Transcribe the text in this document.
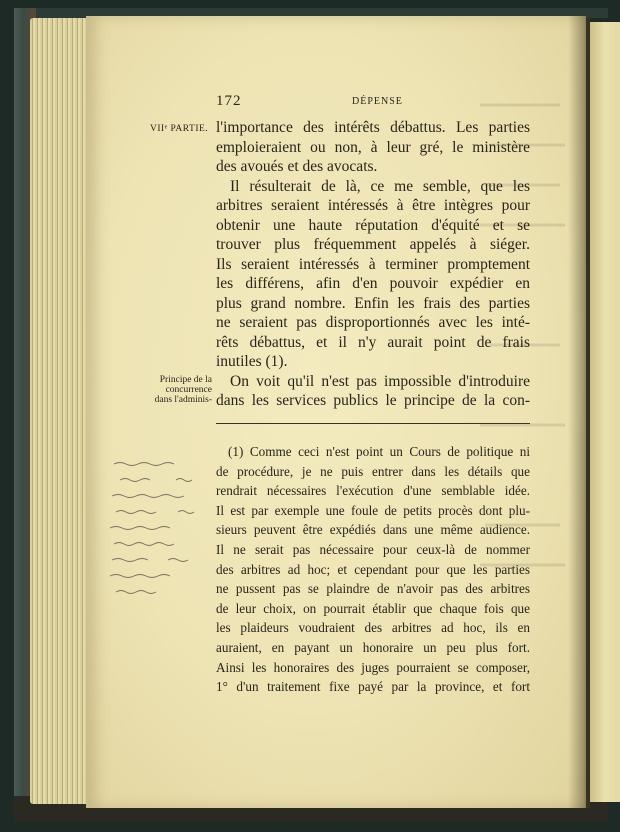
172	DÉPENSE
VIIᵉ PARTIE.
Principe de la
concurrence
dans l'adminis-
l'importance des intérêts débattus. Les parties
emploieraient ou non, à leur gré, le ministère
des avoués et des avocats.
Il résulterait de là, ce me semble, que les
arbitres seraient intéressés à être intègres pour
obtenir une haute réputation d'équité et se
trouver plus fréquemment appelés à siéger.
Ils seraient intéressés à terminer promptement
les différens, afin d'en pouvoir expédier en
plus grand nombre. Enfin les frais des parties
ne seraient pas disproportionnés avec les inté-
rêts débattus, et il n'y aurait point de frais
inutiles (1).
On voit qu'il n'est pas impossible d'introduire
dans les services publics le principe de la con-
(1) Comme ceci n'est point un Cours de politique ni
de procédure, je ne puis entrer dans les détails que
rendrait nécessaires l'exécution d'une semblable idée.
Il est par exemple une foule de petits procès dont plu-
sieurs peuvent être expédiés dans une même audience.
Il ne serait pas nécessaire pour ceux-là de nommer
des arbitres ad hoc; et cependant pour que les parties
ne pussent pas se plaindre de n'avoir pas des arbitres
de leur choix, on pourrait établir que chaque fois que
les plaideurs voudraient des arbitres ad hoc, ils en
auraient, en payant un honoraire un peu plus fort.
Ainsi les honoraires des juges pourraient se composer,
1° d'un traitement fixe payé par la province, et fort
